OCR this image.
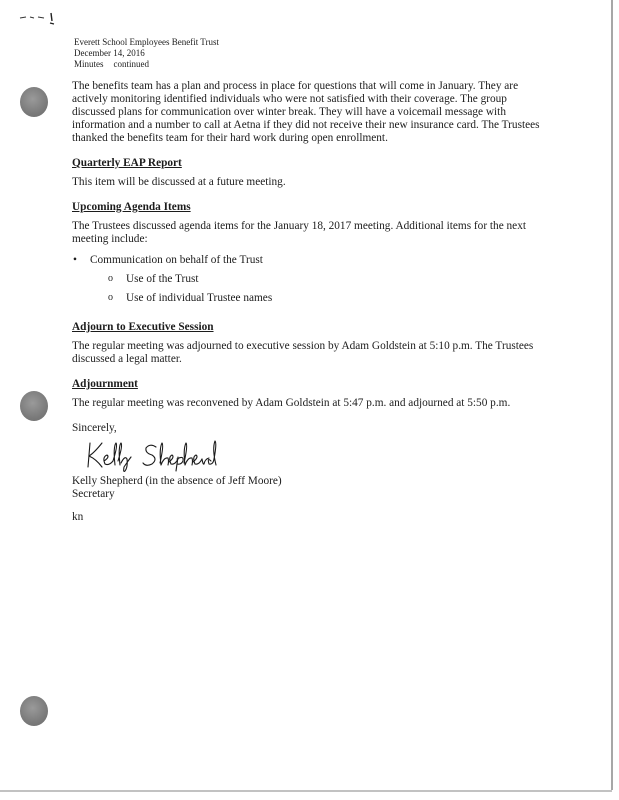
Everett School Employees Benefit Trust
December 14, 2016
Minutes continued

The benefits team has a plan and process in place for questions that will come in January. They are actively monitoring identified individuals who were not satisfied with their coverage. The group discussed plans for communication over winter break. They will have a voicemail message with information and a number to call at Aetna if they did not receive their new insurance card. The Trustees thanked the benefits team for their hard work during open enrollment.

Quarterly EAP Report

This item will be discussed at a future meeting.

Upcoming Agenda Items

The Trustees discussed agenda items for the January 18, 2017 meeting. Additional items for the next meeting include:

• Communication on behalf of the Trust
o Use of the Trust
o Use of individual Trustee names
Adjourn to Executive Session

The regular meeting was adjourned to executive session by Adam Goldstein at 5:10 p.m. The Trustees discussed a legal matter.

Adjournment

The regular meeting was reconvened by Adam Goldstein at 5:47 p.m. and adjourned at 5:50 p.m.

Sincerely,

Kelly Shepherd (in the absence of Jeff Moore)

Secretary

kn
